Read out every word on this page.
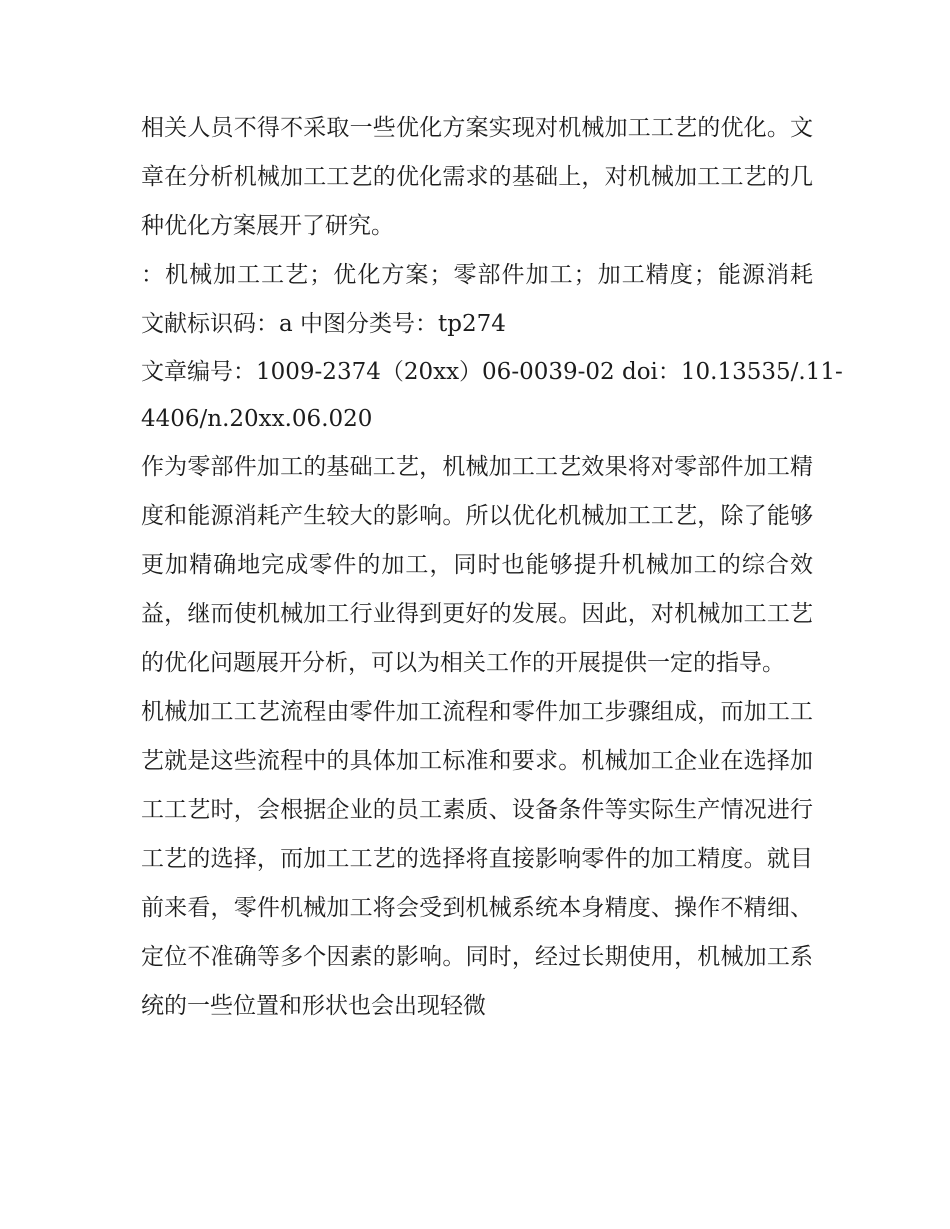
相关人员不得不采取一些优化方案实现对机械加工工艺的优化。文章在分析机械加工工艺的优化需求的基础上，对机械加工工艺的几种优化方案展开了研究。

：机械加工工艺；优化方案；零部件加工；加工精度；能源消耗 文献标识码：a 中图分类号：tp274

文章编号：1009-2374（20xx）06-0039-02 doi：10.13535/.11-
4406/n.20xx.06.020

作为零部件加工的基础工艺，机械加工工艺效果将对零部件加工精度和能源消耗产生较大的影响。所以优化机械加工工艺，除了能够更加精确地完成零件的加工，同时也能够提升机械加工的综合效益，继而使机械加工行业得到更好的发展。因此，对机械加工工艺的优化问题展开分析，可以为相关工作的开展提供一定的指导。

机械加工工艺流程由零件加工流程和零件加工步骤组成，而加工工艺就是这些流程中的具体加工标准和要求。机械加工企业在选择加工工艺时，会根据企业的员工素质、设备条件等实际生产情况进行工艺的选择，而加工工艺的选择将直接影响零件的加工精度。就目前来看，零件机械加工将会受到机械系统本身精度、操作不精细、定位不准确等多个因素的影响。同时，经过长期使用，机械加工系统的一些位置和形状也会出现轻微
